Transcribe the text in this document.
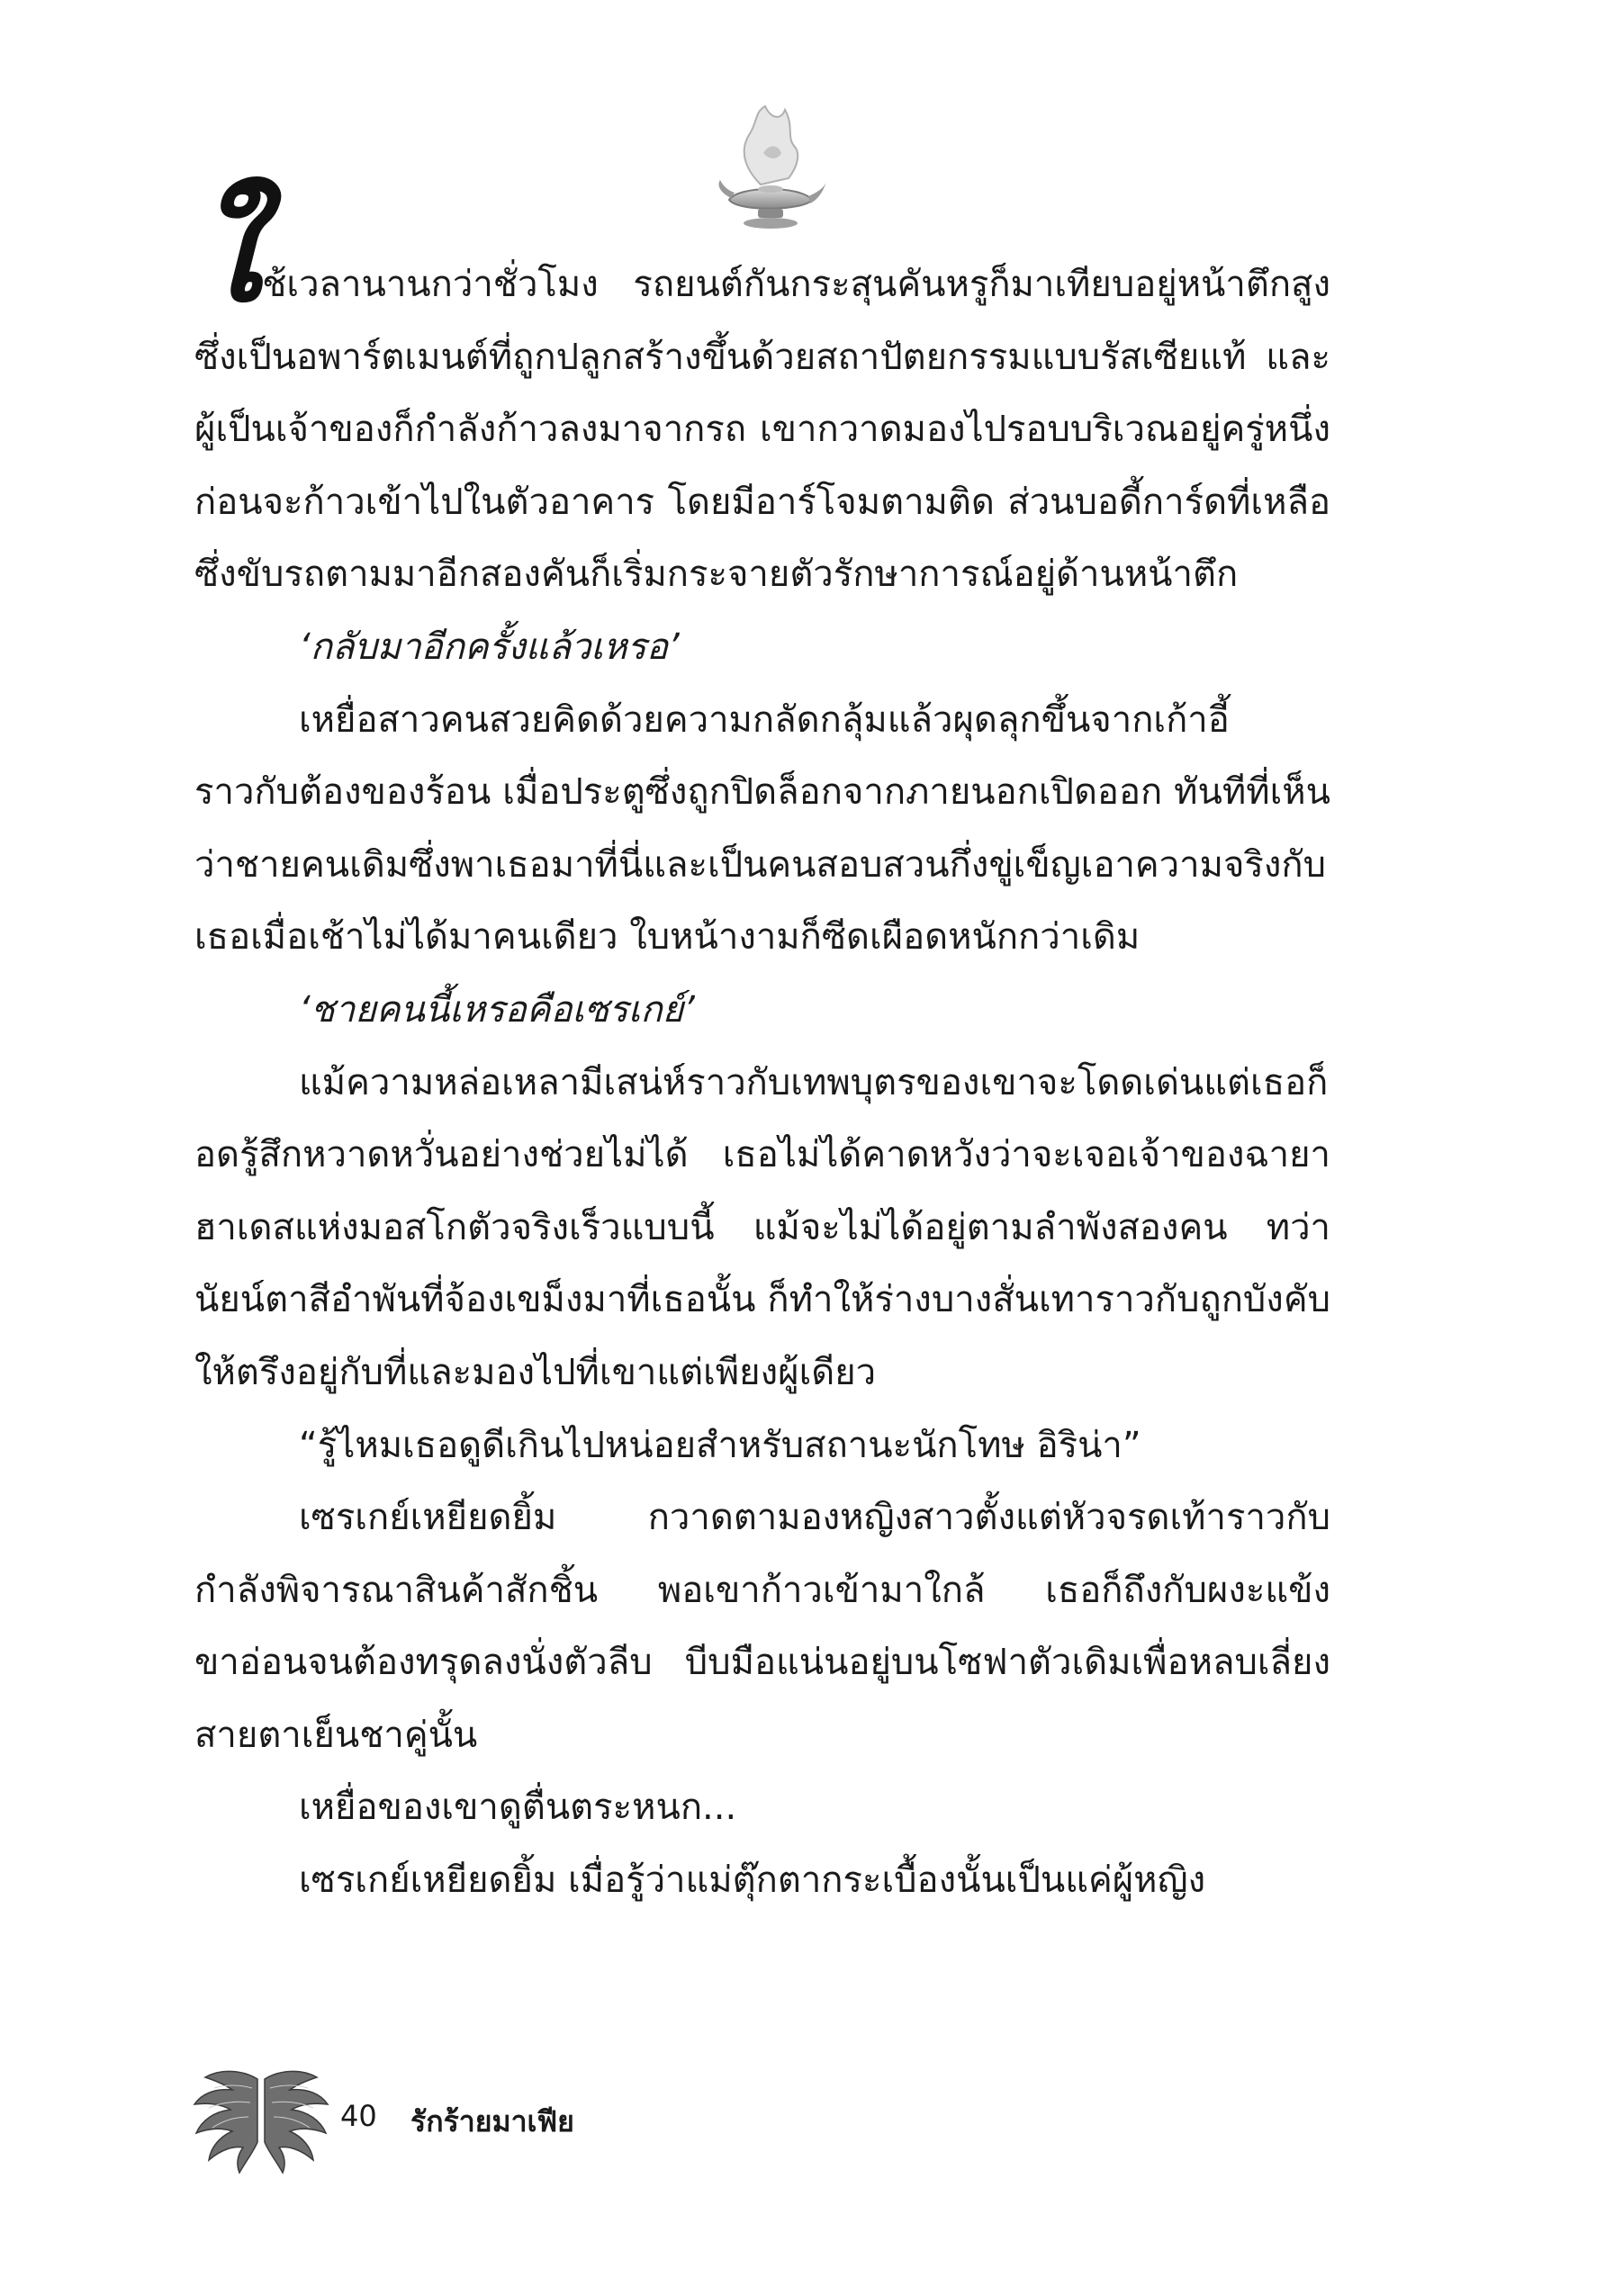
ใช้เวลานานกว่าชั่วโมง รถยนต์กันกระสุนคันหรูก็มาเทียบอยู่หน้าตึกสูง ซึ่งเป็นอพาร์ตเมนต์ที่ถูกปลูกสร้างขึ้นด้วยสถาปัตยกรรมแบบรัสเซียแท้ และผู้เป็นเจ้าของก็กำลังก้าวลงมาจากรถ เขากวาดมองไปรอบบริเวณอยู่ครู่หนึ่งก่อนจะก้าวเข้าไปในตัวอาคาร โดยมีอาร์โจมตามติด ส่วนบอดี้การ์ดที่เหลือซึ่งขับรถตามมาอีกสองคันก็เริ่มกระจายตัวรักษาการณ์อยู่ด้านหน้าตึก

‘กลับมาอีกครั้งแล้วเหรอ’

เหยื่อสาวคนสวยคิดด้วยความกลัดกลุ้มแล้วผุดลุกขึ้นจากเก้าอี้ราวกับต้องของร้อน เมื่อประตูซึ่งถูกปิดล็อกจากภายนอกเปิดออก ทันทีที่เห็นว่าชายคนเดิมซึ่งพาเธอมาที่นี่และเป็นคนสอบสวนกึ่งขู่เข็ญเอาความจริงกับเธอเมื่อเช้าไม่ได้มาคนเดียว ใบหน้างามก็ซีดเผือดหนักกว่าเดิม

‘ชายคนนี้เหรอคือเซรเกย์’

แม้ความหล่อเหลามีเสน่ห์ราวกับเทพบุตรของเขาจะโดดเด่นแต่เธอก็อดรู้สึกหวาดหวั่นอย่างช่วยไม่ได้ เธอไม่ได้คาดหวังว่าจะเจอเจ้าของฉายาฮาเดสแห่งมอสโกตัวจริงเร็วแบบนี้ แม้จะไม่ได้อยู่ตามลำพังสองคน ทว่านัยน์ตาสีอำพันที่จ้องเขม็งมาที่เธอนั้น ก็ทำให้ร่างบางสั่นเทาราวกับถูกบังคับให้ตรึงอยู่กับที่และมองไปที่เขาแต่เพียงผู้เดียว

“รู้ไหมเธอดูดีเกินไปหน่อยสำหรับสถานะนักโทษ อิริน่า”

เซรเกย์เหยียดยิ้ม กวาดตามองหญิงสาวตั้งแต่หัวจรดเท้าราวกับกำลังพิจารณาสินค้าสักชิ้น พอเขาก้าวเข้ามาใกล้ เธอก็ถึงกับผงะแข้งขาอ่อนจนต้องทรุดลงนั่งตัวลีบ บีบมือแน่นอยู่บนโซฟาตัวเดิมเพื่อหลบเลี่ยงสายตาเย็นชาคู่นั้น

เหยื่อของเขาดูตื่นตระหนก...

เซรเกย์เหยียดยิ้ม เมื่อรู้ว่าแม่ตุ๊กตากระเบื้องนั้นเป็นแค่ผู้หญิง

40 รักร้ายมาเฟีย
